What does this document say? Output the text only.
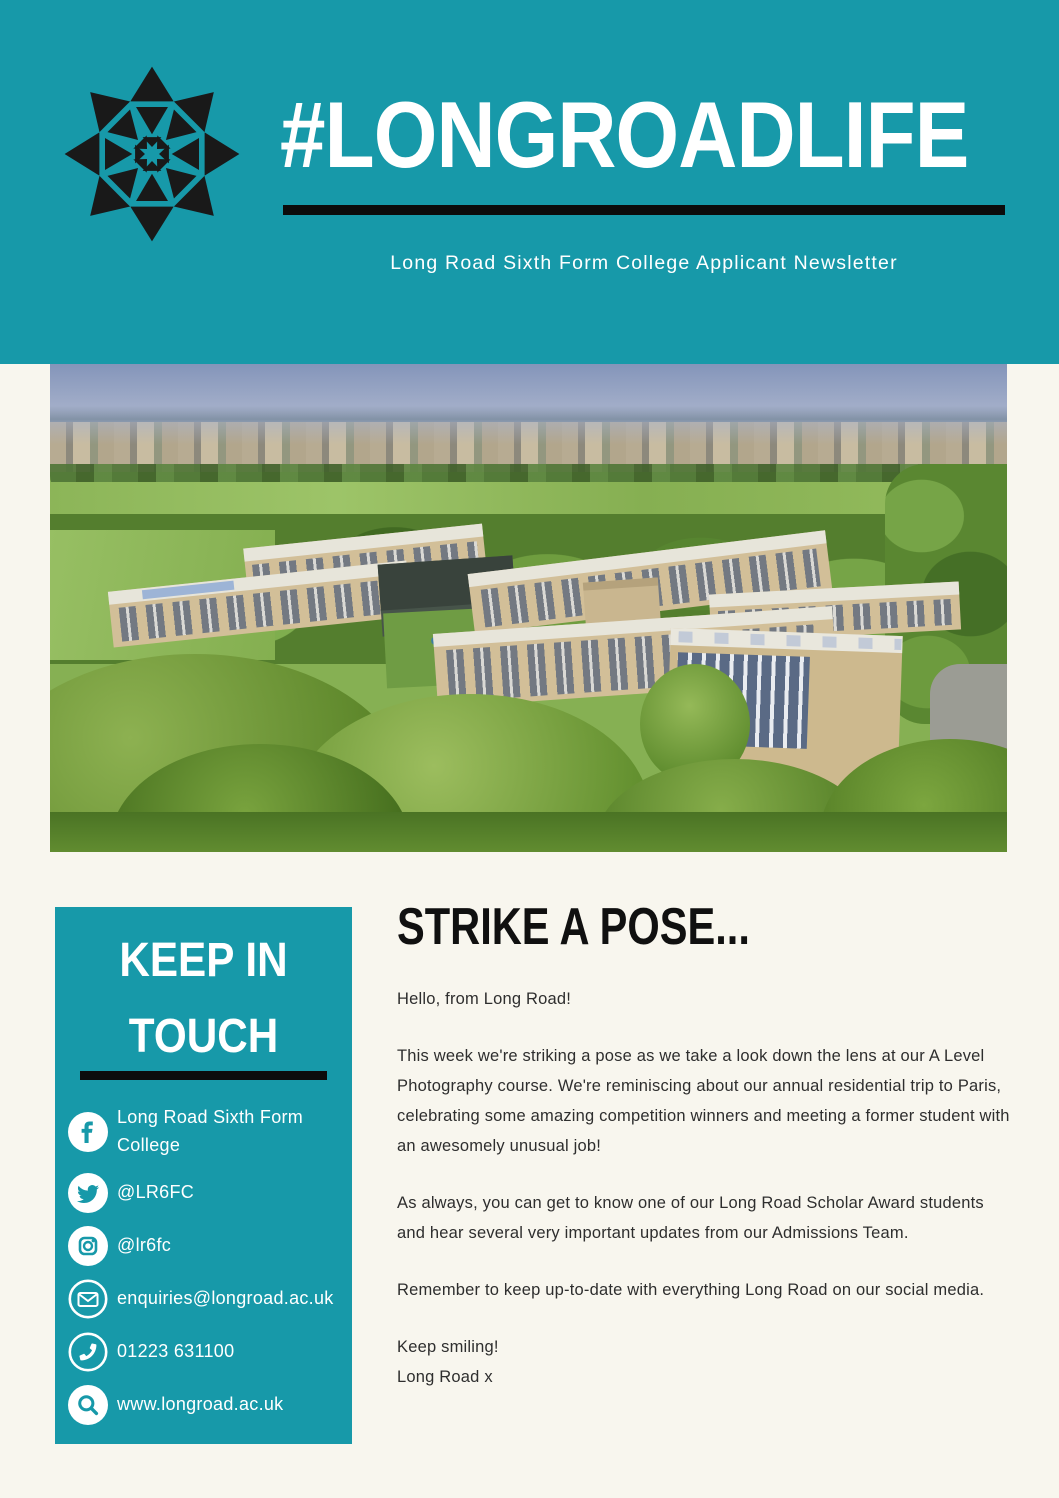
#LONGROADLIFE

Long Road Sixth Form College Applicant Newsletter

KEEP IN
TOUCH
Long Road Sixth Form College
@LR6FC
@lr6fc
enquiries@longroad.ac.uk
01223 631100
www.longroad.ac.uk
STRIKE A POSE...

Hello, from Long Road!

This week we're striking a pose as we take a look down the lens at our A Level Photography course. We're reminiscing about our annual residential trip to Paris, celebrating some amazing competition winners and meeting a former student with an awesomely unusual job!

As always, you can get to know one of our Long Road Scholar Award students and hear several very important updates from our Admissions Team.

Remember to keep up-to-date with everything Long Road on our social media.

Keep smiling!

Long Road x
